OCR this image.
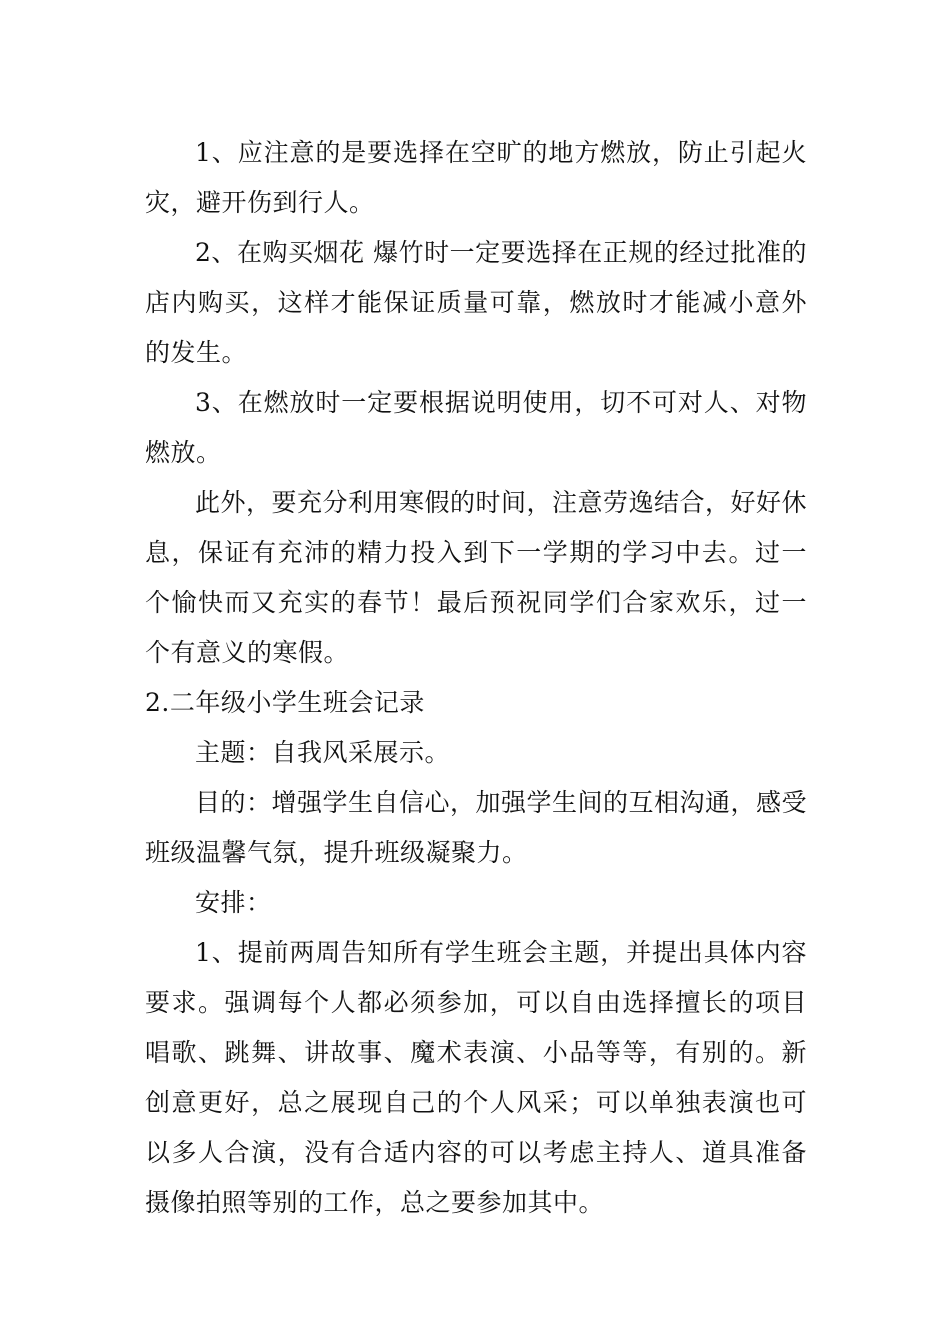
1、应注意的是要选择在空旷的地方燃放，防止引起火灾，避开伤到行人。

2、在购买烟花 爆竹时一定要选择在正规的经过批准的店内购买，这样才能保证质量可靠，燃放时才能减小意外的发生。

3、在燃放时一定要根据说明使用，切不可对人、对物燃放。

此外，要充分利用寒假的时间，注意劳逸结合，好好休息，保证有充沛的精力投入到下一学期的学习中去。过一个愉快而又充实的春节！最后预祝同学们合家欢乐，过一个有意义的寒假。

2.二年级小学生班会记录

主题：自我风采展示。

目的：增强学生自信心，加强学生间的互相沟通，感受班级温馨气氛，提升班级凝聚力。

安排：

1、提前两周告知所有学生班会主题，并提出具体内容要求。强调每个人都必须参加，可以自由选择擅长的项目唱歌、跳舞、讲故事、魔术表演、小品等等，有别的。新创意更好，总之展现自己的个人风采；可以单独表演也可以多人合演，没有合适内容的可以考虑主持人、道具准备摄像拍照等别的工作，总之要参加其中。
